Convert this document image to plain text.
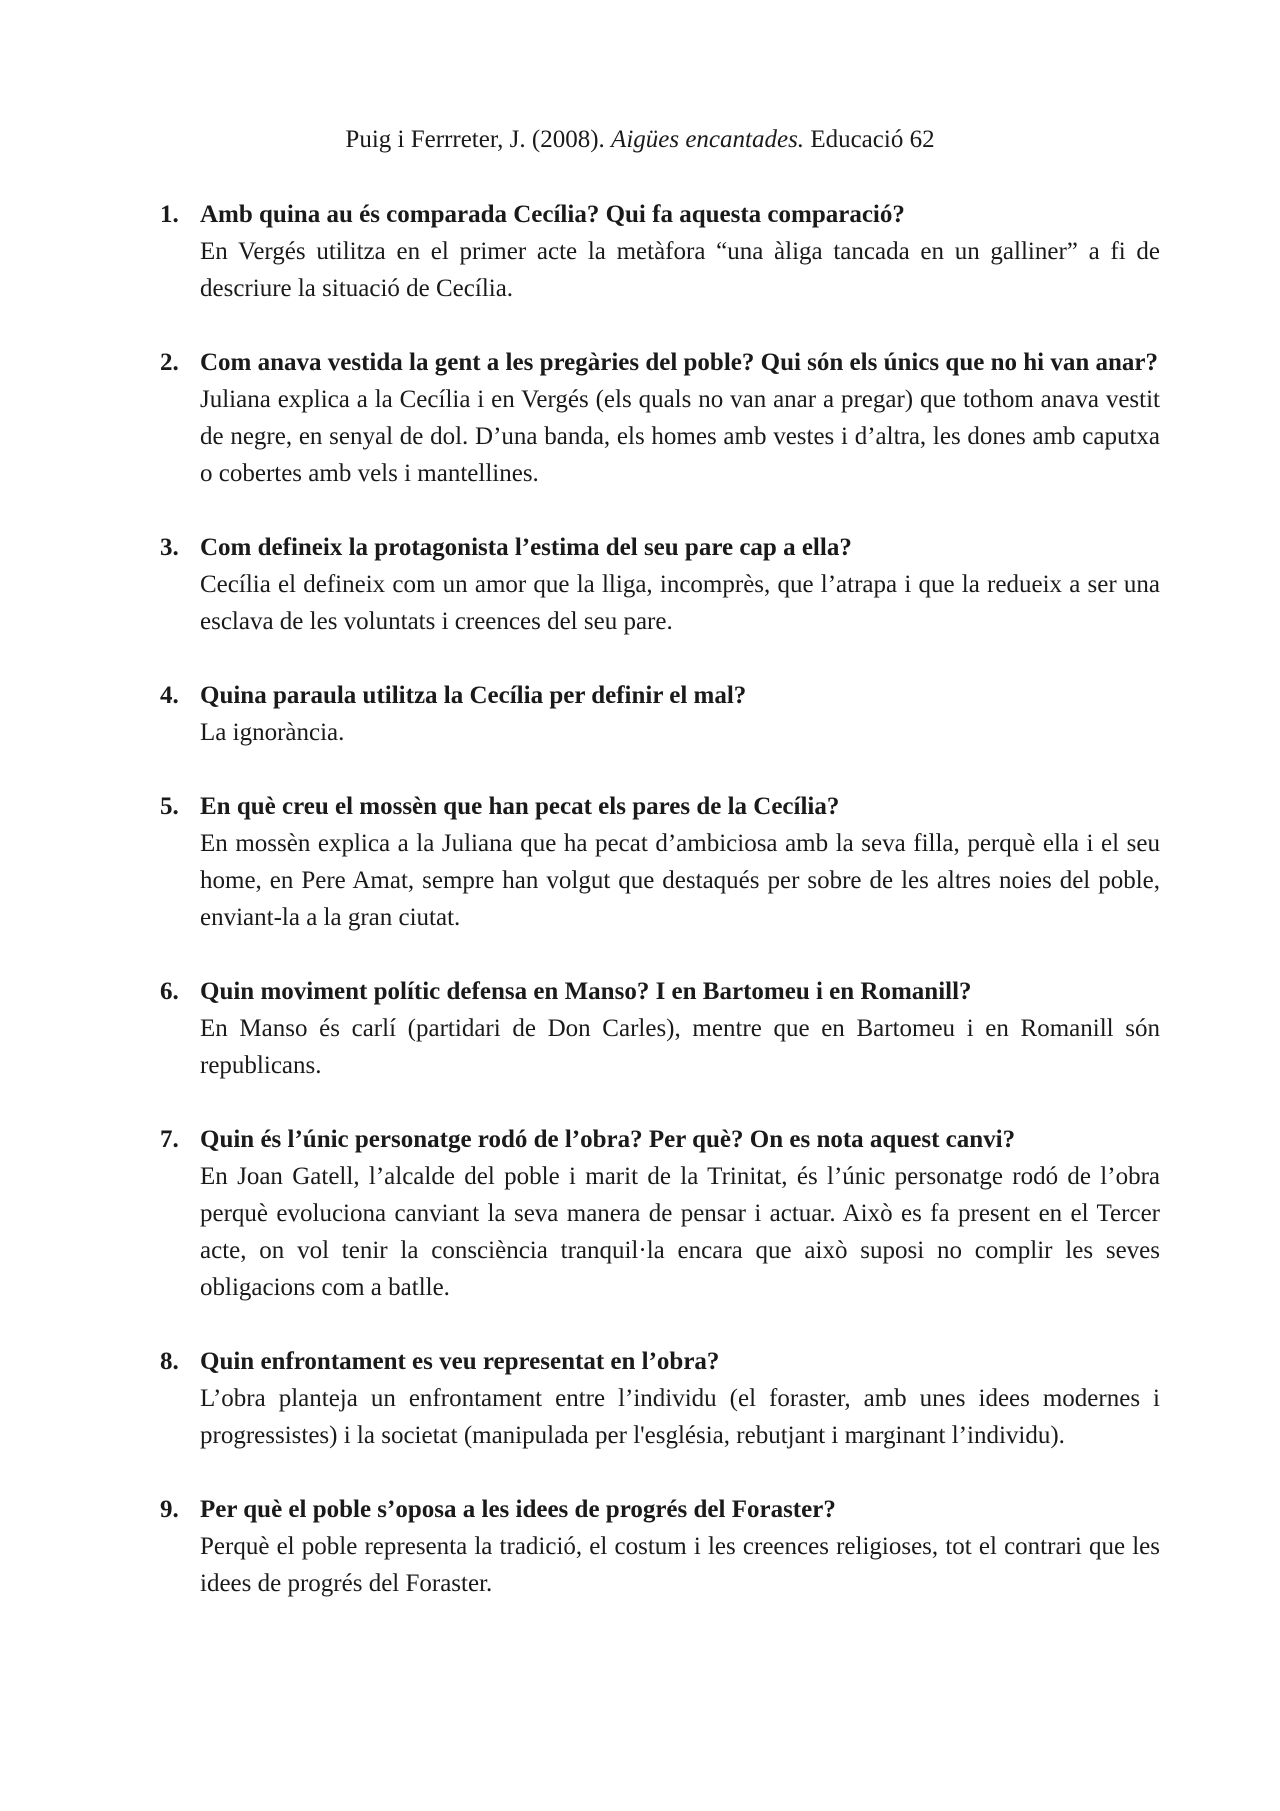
Puig i Ferrreter, J. (2008). Aigües encantades. Educació 62
1. Amb quina au és comparada Cecília? Qui fa aquesta comparació?

En Vergés utilitza en el primer acte la metàfora “una àliga tancada en un galliner” a fi de descriure la situació de Cecília.

2. Com anava vestida la gent a les pregàries del poble? Qui són els únics que no hi van anar?

Juliana explica a la Cecília i en Vergés (els quals no van anar a pregar) que tothom anava vestit de negre, en senyal de dol. D’una banda, els homes amb vestes i d’altra, les dones amb caputxa o cobertes amb vels i mantellines.

3. Com defineix la protagonista l’estima del seu pare cap a ella?

Cecília el defineix com un amor que la lliga, incomprès, que l’atrapa i que la redueix a ser una esclava de les voluntats i creences del seu pare.

4. Quina paraula utilitza la Cecília per definir el mal?

La ignorància.

5. En què creu el mossèn que han pecat els pares de la Cecília?

En mossèn explica a la Juliana que ha pecat d’ambiciosa amb la seva filla, perquè ella i el seu home, en Pere Amat, sempre han volgut que destaqués per sobre de les altres noies del poble, enviant-la a la gran ciutat.

6. Quin moviment polític defensa en Manso? I en Bartomeu i en Romanill?

En Manso és carlí (partidari de Don Carles), mentre que en Bartomeu i en Romanill són republicans.

7. Quin és l’únic personatge rodó de l’obra? Per què? On es nota aquest canvi?

En Joan Gatell, l’alcalde del poble i marit de la Trinitat, és l’únic personatge rodó de l’obra perquè evoluciona canviant la seva manera de pensar i actuar. Això es fa present en el Tercer acte, on vol tenir la consciència tranquil·la encara que això suposi no complir les seves obligacions com a batlle.

8. Quin enfrontament es veu representat en l’obra?

L’obra planteja un enfrontament entre l’individu (el foraster, amb unes idees modernes i progressistes) i la societat (manipulada per l'església, rebutjant i marginant l’individu).

9. Per què el poble s’oposa a les idees de progrés del Foraster?

Perquè el poble representa la tradició, el costum i les creences religioses, tot el contrari que les idees de progrés del Foraster.
